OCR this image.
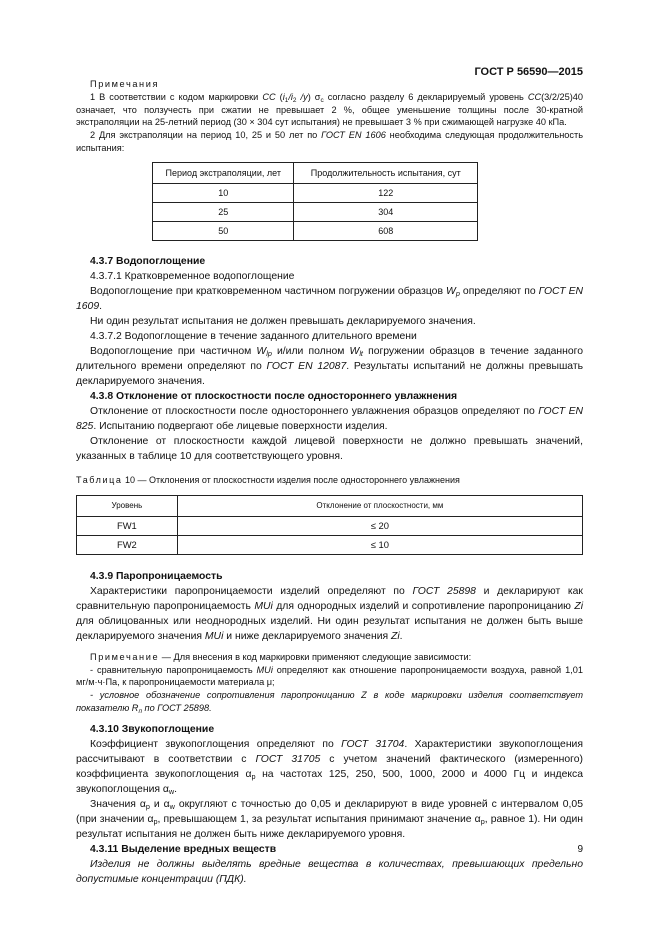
ГОСТ Р 56590—2015

Примечания

1 В соответствии с кодом маркировки CC ($i_1/i_2$ /y) $\sigma_c$ согласно разделу 6 декларируемый уровень CC(3/2/25)40 означает, что ползучесть при сжатии не превышает 2 %, общее уменьшение толщины после 30-кратной экстраполяции на 25-летний период (30 × 304 сут испытания) не превышает 3 % при сжимающей нагрузке 40 кПа.

2 Для экстраполяции на период 10, 25 и 50 лет по ГОСТ EN 1606 необходима следующая продолжительность испытания:

Период экстраполяции, лет	Продолжительность испытания, сут
10	122
25	304
50	608
4.3.7 Водопоглощение

4.3.7.1 Кратковременное водопоглощение

Водопоглощение при кратковременном частичном погружении образцов $W_p$ определяют по ГОСТ EN 1609.

Ни один результат испытания не должен превышать декларируемого значения.

4.3.7.2 Водопоглощение в течение заданного длительного времени

Водопоглощение при частичном $W_{lp}$ и/или полном $W_{lt}$ погружении образцов в течение заданного длительного времени определяют по ГОСТ EN 12087. Результаты испытаний не должны превышать декларируемого значения.

4.3.8 Отклонение от плоскостности после одностороннего увлажнения

Отклонение от плоскостности после одностороннего увлажнения образцов определяют по ГОСТ EN 825. Испытанию подвергают обе лицевые поверхности изделия.

Отклонение от плоскостности каждой лицевой поверхности не должно превышать значений, указанных в таблице 10 для соответствующего уровня.

Таблица 10 — Отклонения от плоскостности изделия после одностороннего увлажнения
Уровень	Отклонение от плоскостности, мм
FW1	≤ 20
FW2	≤ 10
4.3.9 Паропроницаемость

Характеристики паропроницаемости изделий определяют по ГОСТ 25898 и декларируют как сравнительную паропроницаемость MUi для однородных изделий и сопротивление паропроницанию Zi для облицованных или неоднородных изделий. Ни один результат испытания не должен быть выше декларируемого значения MUi и ниже декларируемого значения Zi.

Примечание — Для внесения в код маркировки применяют следующие зависимости:

- сравнительную паропроницаемость MUi определяют как отношение паропроницаемости воздуха, равной 1,01 мг/м·ч·Па, к паропроницаемости материала μ;

- условное обозначение сопротивления паропроницанию Z в коде маркировки изделия соответствует показателю $R_п$ по ГОСТ 25898.

4.3.10 Звукопоглощение

Коэффициент звукопоглощения определяют по ГОСТ 31704. Характеристики звукопоглощения рассчитывают в соответствии с ГОСТ 31705 с учетом значений фактического (измеренного) коэффициента звукопоглощения $\alpha_p$ на частотах 125, 250, 500, 1000, 2000 и 4000 Гц и индекса звукопоглощения $\alpha_w$.

Значения $\alpha_p$ и $\alpha_w$ округляют с точностью до 0,05 и декларируют в виде уровней с интервалом 0,05 (при значении $\alpha_p$, превышающем 1, за результат испытания принимают значение $\alpha_p$, равное 1). Ни один результат испытания не должен быть ниже декларируемого уровня.

4.3.11 Выделение вредных веществ

Изделия не должны выделять вредные вещества в количествах, превышающих предельно допустимые концентрации (ПДК).

9
